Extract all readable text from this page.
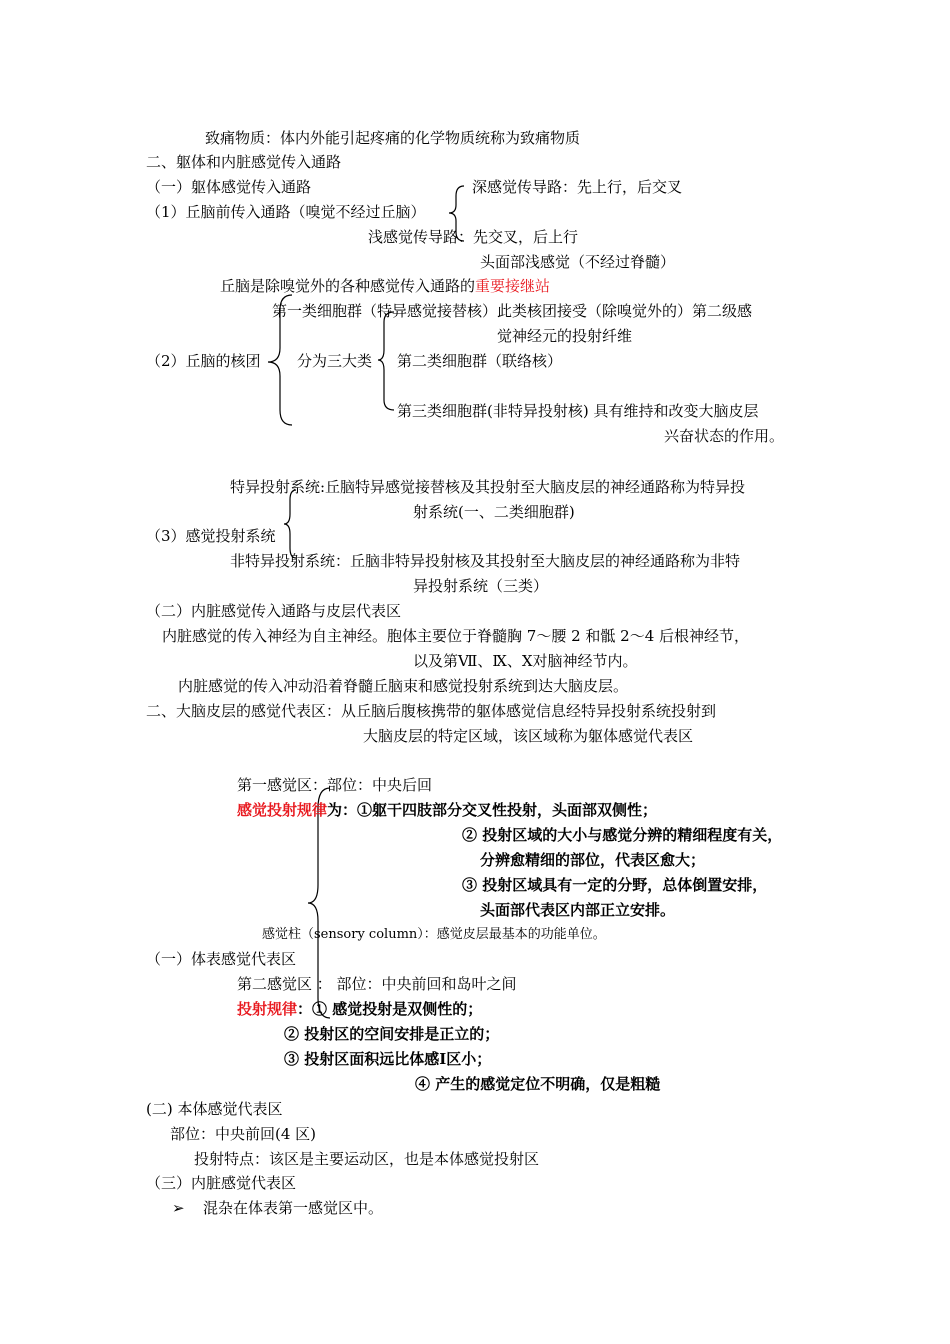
致痛物质：体内外能引起疼痛的化学物质统称为致痛物质
二、躯体和内脏感觉传入通路
（一）躯体感觉传入通路	深感觉传导路：先上行，后交叉
（1）丘脑前传入通路（嗅觉不经过丘脑）
浅感觉传导路：先交叉，后上行
头面部浅感觉（不经过脊髓）
丘脑是除嗅觉外的各种感觉传入通路的重要接继站
第一类细胞群（特异感觉接替核）此类核团接受（除嗅觉外的）第二级感
觉神经元的投射纤维
（2）丘脑的核团 分为三大类 第二类细胞群（联络核）
第三类细胞群(非特异投射核) 具有维持和改变大脑皮层
兴奋状态的作用。
特异投射系统:丘脑特异感觉接替核及其投射至大脑皮层的神经通路称为特异投
射系统(一、二类细胞群)
（3）感觉投射系统
非特异投射系统：丘脑非特异投射核及其投射至大脑皮层的神经通路称为非特
异投射系统（三类）
（二）内脏感觉传入通路与皮层代表区
内脏感觉的传入神经为自主神经。胞体主要位于脊髓胸 7～腰 2 和骶 2～4 后根神经节，
以及第Ⅶ、Ⅸ、Ⅹ对脑神经节内。
内脏感觉的传入冲动沿着脊髓丘脑束和感觉投射系统到达大脑皮层。
二、大脑皮层的感觉代表区：从丘脑后腹核携带的躯体感觉信息经特异投射系统投射到
大脑皮层的特定区域，该区域称为躯体感觉代表区
第一感觉区：部位：中央后回
感觉投射规律为：①躯干四肢部分交叉性投射，头面部双侧性；
② 投射区域的大小与感觉分辨的精细程度有关，
分辨愈精细的部位，代表区愈大；
③ 投射区域具有一定的分野，总体倒置安排，
头面部代表区内部正立安排。
感觉柱（sensory column）：感觉皮层最基本的功能单位。
（一）体表感觉代表区
第二感觉区 ： 部位：中央前回和岛叶之间
投射规律：① 感觉投射是双侧性的；
② 投射区的空间安排是正立的；
③ 投射区面积远比体感Ⅰ区小；
④ 产生的感觉定位不明确，仅是粗糙
(二) 本体感觉代表区
部位：中央前回(4 区)
投射特点：该区是主要运动区，也是本体感觉投射区
（三）内脏感觉代表区
➢ 混杂在体表第一感觉区中。
